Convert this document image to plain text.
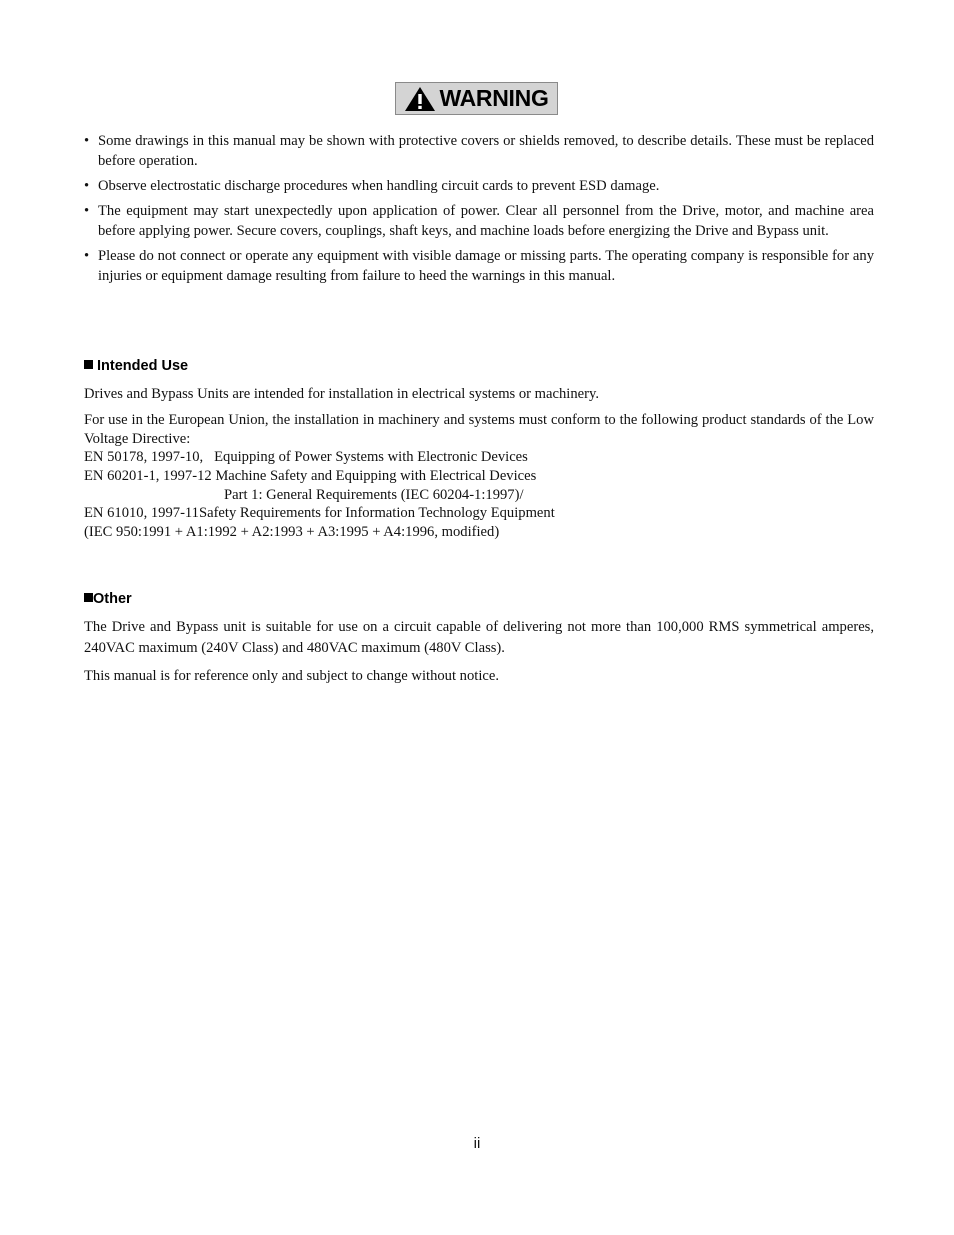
WARNING
• Some drawings in this manual may be shown with protective covers or shields removed, to describe details. These must be replaced before operation.
• Observe electrostatic discharge procedures when handling circuit cards to prevent ESD damage.
• The equipment may start unexpectedly upon application of power. Clear all personnel from the Drive, motor, and machine area before applying power. Secure covers, couplings, shaft keys, and machine loads before energizing the Drive and Bypass unit.
• Please do not connect or operate any equipment with visible damage or missing parts. The operating company is responsible for any injuries or equipment damage resulting from failure to heed the warnings in this manual.
Intended Use

Drives and Bypass Units are intended for installation in electrical systems or machinery.

For use in the European Union, the installation in machinery and systems must conform to the following product standards of the Low Voltage Directive:

EN 50178, 1997-10,   Equipping of Power Systems with Electronic Devices
EN 60201-1, 1997-12 Machine Safety and Equipping with Electrical Devices
Part 1: General Requirements (IEC 60204-1:1997)/
EN 61010, 1997-11Safety Requirements for Information Technology Equipment
(IEC 950:1991 + A1:1992 + A2:1993 + A3:1995 + A4:1996, modified)
Other

The Drive and Bypass unit is suitable for use on a circuit capable of delivering not more than 100,000 RMS symmetrical amperes, 240VAC maximum (240V Class) and 480VAC maximum (480V Class).

This manual is for reference only and subject to change without notice.

ii
